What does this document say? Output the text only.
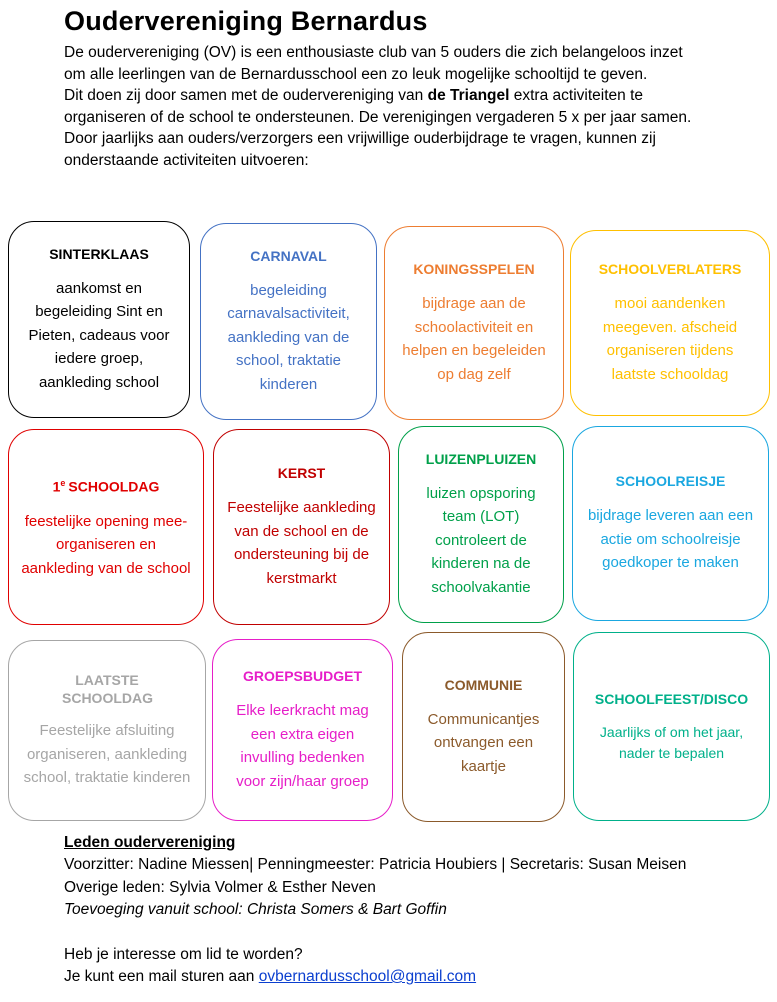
Oudervereniging Bernardus

De oudervereniging (OV) is een enthousiaste club van 5 ouders die zich belangeloos inzet

om alle leerlingen van de Bernardusschool een zo leuk mogelijke schooltijd te geven.

Dit doen zij door samen met de oudervereniging van de Triangel extra activiteiten te

organiseren of de school te ondersteunen. De verenigingen vergaderen 5 x per jaar samen.

Door jaarlijks aan ouders/verzorgers een vrijwillige ouderbijdrage te vragen, kunnen zij

onderstaande activiteiten uitvoeren:

SINTERKLAAS
aankomst en begeleiding Sint en Pieten, cadeaus voor iedere groep, aankleding school
CARNAVAL
begeleiding carnavalsactiviteit, aankleding van de school, traktatie kinderen
KONINGSSPELEN
bijdrage aan de schoolactiviteit en helpen en begeleiden op dag zelf
SCHOOLVERLATERS
mooi aandenken meegeven. afscheid organiseren tijdens laatste schooldag
1e SCHOOLDAG
feestelijke opening mee-organiseren en aankleding van de school
KERST
Feestelijke aankleding van de school en de ondersteuning bij de kerstmarkt
LUIZENPLUIZEN
luizen opsporing team (LOT) controleert de kinderen na de schoolvakantie
SCHOOLREISJE
bijdrage leveren aan een actie om schoolreisje goedkoper te maken
LAATSTE SCHOOLDAG
Feestelijke afsluiting organiseren, aankleding school, traktatie kinderen
GROEPSBUDGET
Elke leerkracht mag een extra eigen invulling bedenken voor zijn/haar groep
COMMUNIE
Communicantjes ontvangen een kaartje
SCHOOLFEEST/DISCO
Jaarlijks of om het jaar, nader te bepalen

Leden oudervereniging

Voorzitter: Nadine Miessen| Penningmeester: Patricia Houbiers | Secretaris: Susan Meisen

Overige leden: Sylvia Volmer & Esther Neven

Toevoeging vanuit school: Christa Somers & Bart Goffin

Heb je interesse om lid te worden?

Je kunt een mail sturen aan ovbernardusschool@gmail.com
